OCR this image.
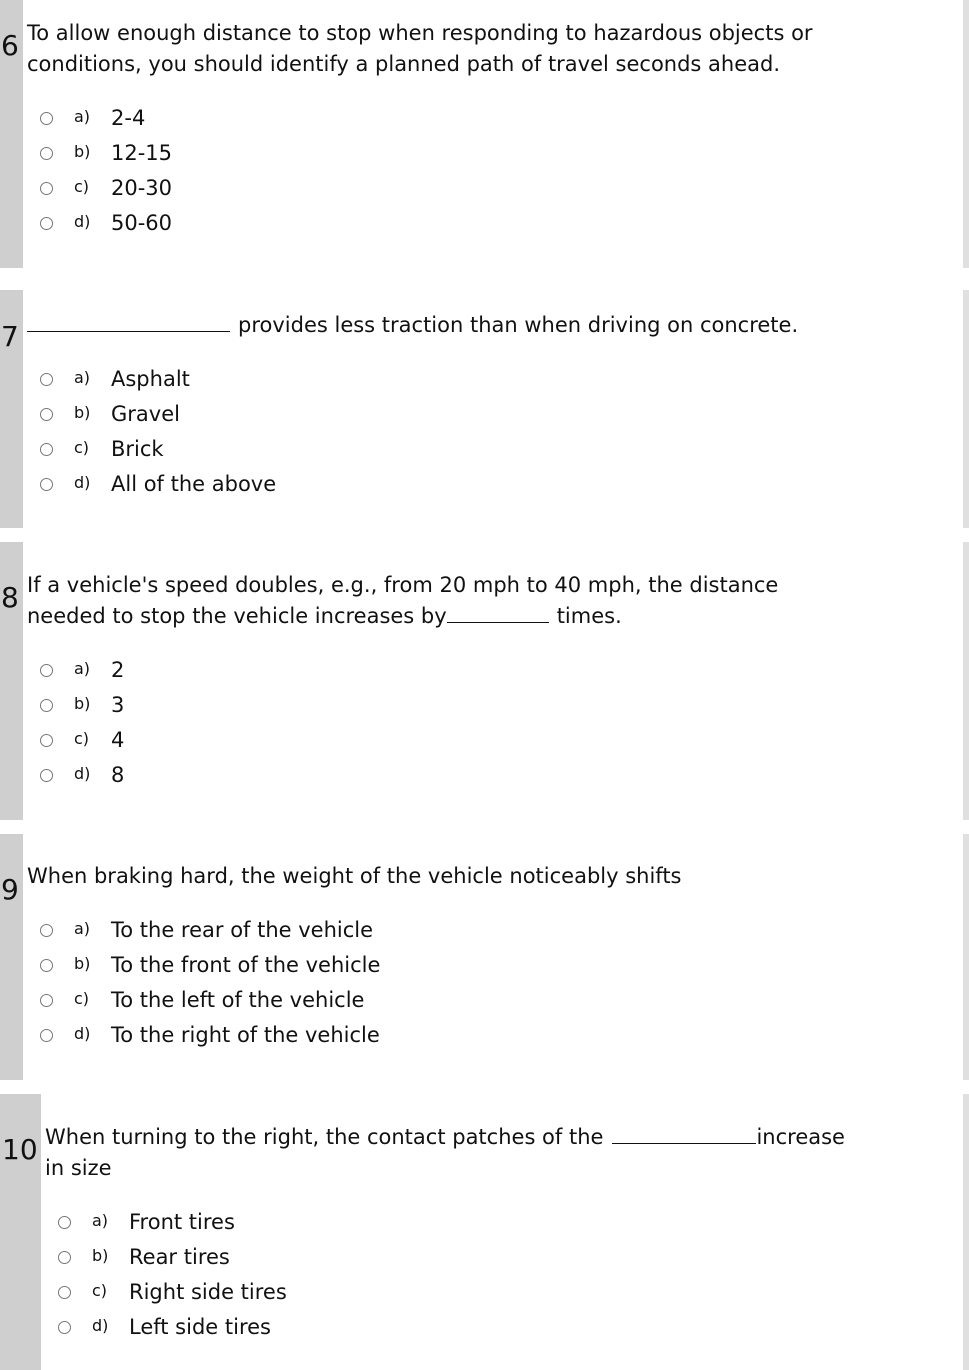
6 To allow enough distance to stop when responding to hazardous objects or
conditions, you should identify a planned path of travel seconds ahead.
a) 2-4
b) 12-15
c) 20-30
d) 50-60
7	provides less traction than when driving on concrete.
a) Asphalt
b) Gravel
c) Brick
d) All of the above
8 If a vehicle's speed doubles, e.g., from 20 mph to 40 mph, the distance
needed to stop the vehicle increases by	times.
a) 2
b) 3
c) 4
d) 8
9 When braking hard, the weight of the vehicle noticeably shifts
a) To the rear of the vehicle
b) To the front of the vehicle
c) To the left of the vehicle
d) To the right of the vehicle
10 When turning to the right, the contact patches of the	increase
in size
a) Front tires
b) Rear tires
c) Right side tires
d) Left side tires
